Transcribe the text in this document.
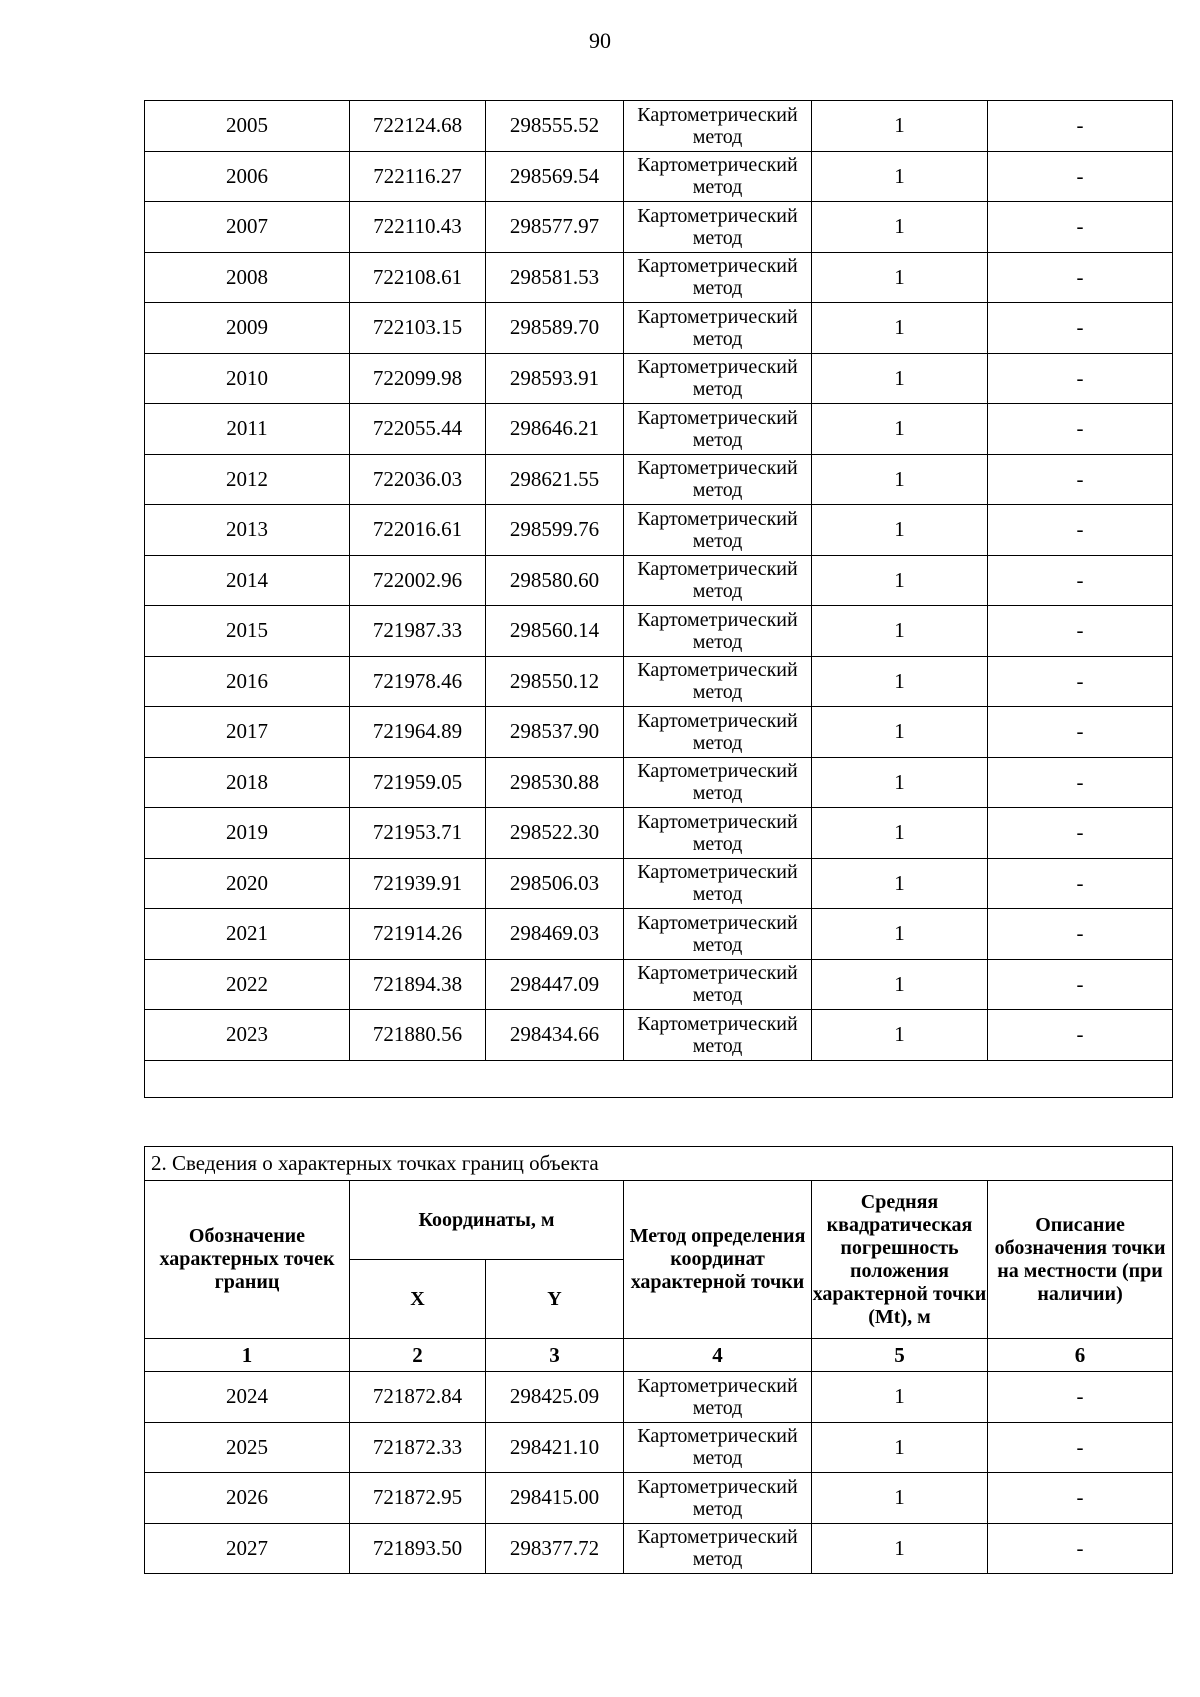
90
2005	722124.68	298555.52	Картометрический метод	1	-
2006	722116.27	298569.54	Картометрический метод	1	-
2007	722110.43	298577.97	Картометрический метод	1	-
2008	722108.61	298581.53	Картометрический метод	1	-
2009	722103.15	298589.70	Картометрический метод	1	-
2010	722099.98	298593.91	Картометрический метод	1	-
2011	722055.44	298646.21	Картометрический метод	1	-
2012	722036.03	298621.55	Картометрический метод	1	-
2013	722016.61	298599.76	Картометрический метод	1	-
2014	722002.96	298580.60	Картометрический метод	1	-
2015	721987.33	298560.14	Картометрический метод	1	-
2016	721978.46	298550.12	Картометрический метод	1	-
2017	721964.89	298537.90	Картометрический метод	1	-
2018	721959.05	298530.88	Картометрический метод	1	-
2019	721953.71	298522.30	Картометрический метод	1	-
2020	721939.91	298506.03	Картометрический метод	1	-
2021	721914.26	298469.03	Картометрический метод	1	-
2022	721894.38	298447.09	Картометрический метод	1	-
2023	721880.56	298434.66	Картометрический метод	1	-

2. Сведения о характерных точках границ объекта					
Обозначение характерных точек границ	Координаты, м		Метод определения координат характерной точки	Средняя квадратическая погрешность положения характерной точки (Mt), м	Описание обозначения точки на местности (при наличии)
	X	Y			
1	2	3	4	5	6
2024	721872.84	298425.09	Картометрический метод	1	-
2025	721872.33	298421.10	Картометрический метод	1	-
2026	721872.95	298415.00	Картометрический метод	1	-
2027	721893.50	298377.72	Картометрический метод	1	-
